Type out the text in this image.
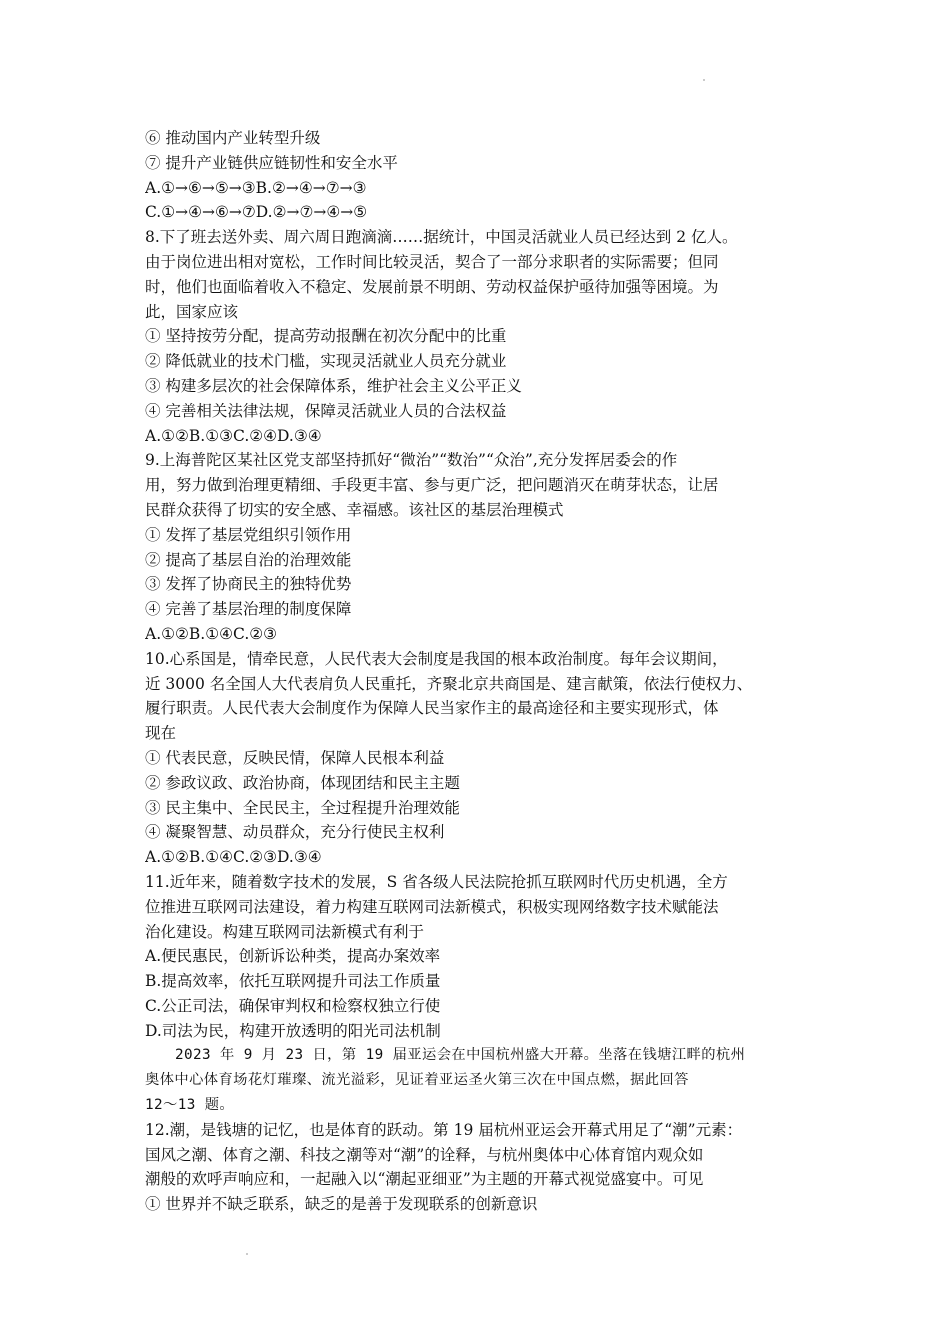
⑥ 推动国内产业转型升级
⑦ 提升产业链供应链韧性和安全水平
A.①→⑥→⑤→③B.②→④→⑦→③
C.①→④→⑥→⑦D.②→⑦→④→⑤
8.下了班去送外卖、周六周日跑滴滴……据统计，中国灵活就业人员已经达到 2 亿人。
由于岗位进出相对宽松，工作时间比较灵活，契合了一部分求职者的实际需要；但同
时，他们也面临着收入不稳定、发展前景不明朗、劳动权益保护亟待加强等困境。为
此，国家应该
① 坚持按劳分配，提高劳动报酬在初次分配中的比重
② 降低就业的技术门槛，实现灵活就业人员充分就业
③ 构建多层次的社会保障体系，维护社会主义公平正义
④ 完善相关法律法规，保障灵活就业人员的合法权益
A.①②B.①③C.②④D.③④
9.上海普陀区某社区党支部坚持抓好“微治”“数治”“众治”,充分发挥居委会的作
用，努力做到治理更精细、手段更丰富、参与更广泛，把问题消灭在萌芽状态，让居
民群众获得了切实的安全感、幸福感。该社区的基层治理模式
① 发挥了基层党组织引领作用
② 提高了基层自治的治理效能
③ 发挥了协商民主的独特优势
④ 完善了基层治理的制度保障
A.①②B.①④C.②③
10.心系国是，情牵民意，人民代表大会制度是我国的根本政治制度。每年会议期间，
近 3000 名全国人大代表肩负人民重托，齐聚北京共商国是、建言献策，依法行使权力、
履行职责。人民代表大会制度作为保障人民当家作主的最高途径和主要实现形式，体
现在
① 代表民意，反映民情，保障人民根本利益
② 参政议政、政治协商，体现团结和民主主题
③ 民主集中、全民民主，全过程提升治理效能
④ 凝聚智慧、动员群众，充分行使民主权利
A.①②B.①④C.②③D.③④
11.近年来，随着数字技术的发展，S 省各级人民法院抢抓互联网时代历史机遇，全方
位推进互联网司法建设，着力构建互联网司法新模式，积极实现网络数字技术赋能法
治化建设。构建互联网司法新模式有利于
A.便民惠民，创新诉讼种类，提高办案效率
B.提高效率，依托互联网提升司法工作质量
C.公正司法，确保审判权和检察权独立行使
D.司法为民，构建开放透明的阳光司法机制
2023 年 9 月 23 日，第 19 届亚运会在中国杭州盛大开幕。坐落在钱塘江畔的杭州
奥体中心体育场花灯璀璨、流光溢彩，见证着亚运圣火第三次在中国点燃，据此回答
12～13 题。
12.潮，是钱塘的记忆，也是体育的跃动。第 19 届杭州亚运会开幕式用足了“潮”元素：
国风之潮、体育之潮、科技之潮等对“潮”的诠释，与杭州奥体中心体育馆内观众如
潮般的欢呼声响应和，一起融入以“潮起亚细亚”为主题的开幕式视觉盛宴中。可见
① 世界并不缺乏联系，缺乏的是善于发现联系的创新意识
